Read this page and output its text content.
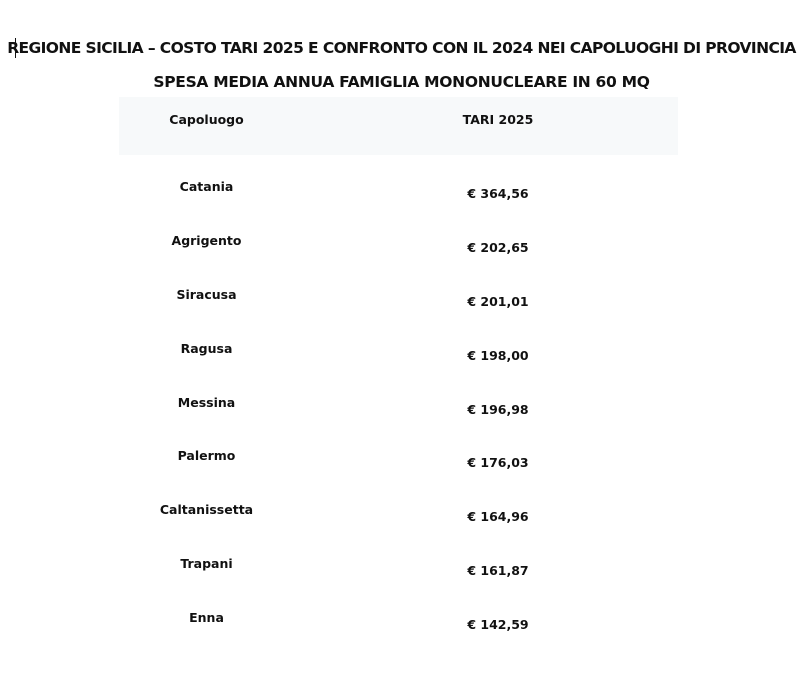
REGIONE SICILIA – COSTO TARI 2025 E CONFRONTO CON IL 2024 NEI CAPOLUOGHI DI PROVINCIA
SPESA MEDIA ANNUA FAMIGLIA MONONUCLEARE IN 60 MQ
Capoluogo	TARI 2025
Catania	€ 364,56
Agrigento	€ 202,65
Siracusa	€ 201,01
Ragusa	€ 198,00
Messina	€ 196,98
Palermo	€ 176,03
Caltanissetta	€ 164,96
Trapani	€ 161,87
Enna	€ 142,59
